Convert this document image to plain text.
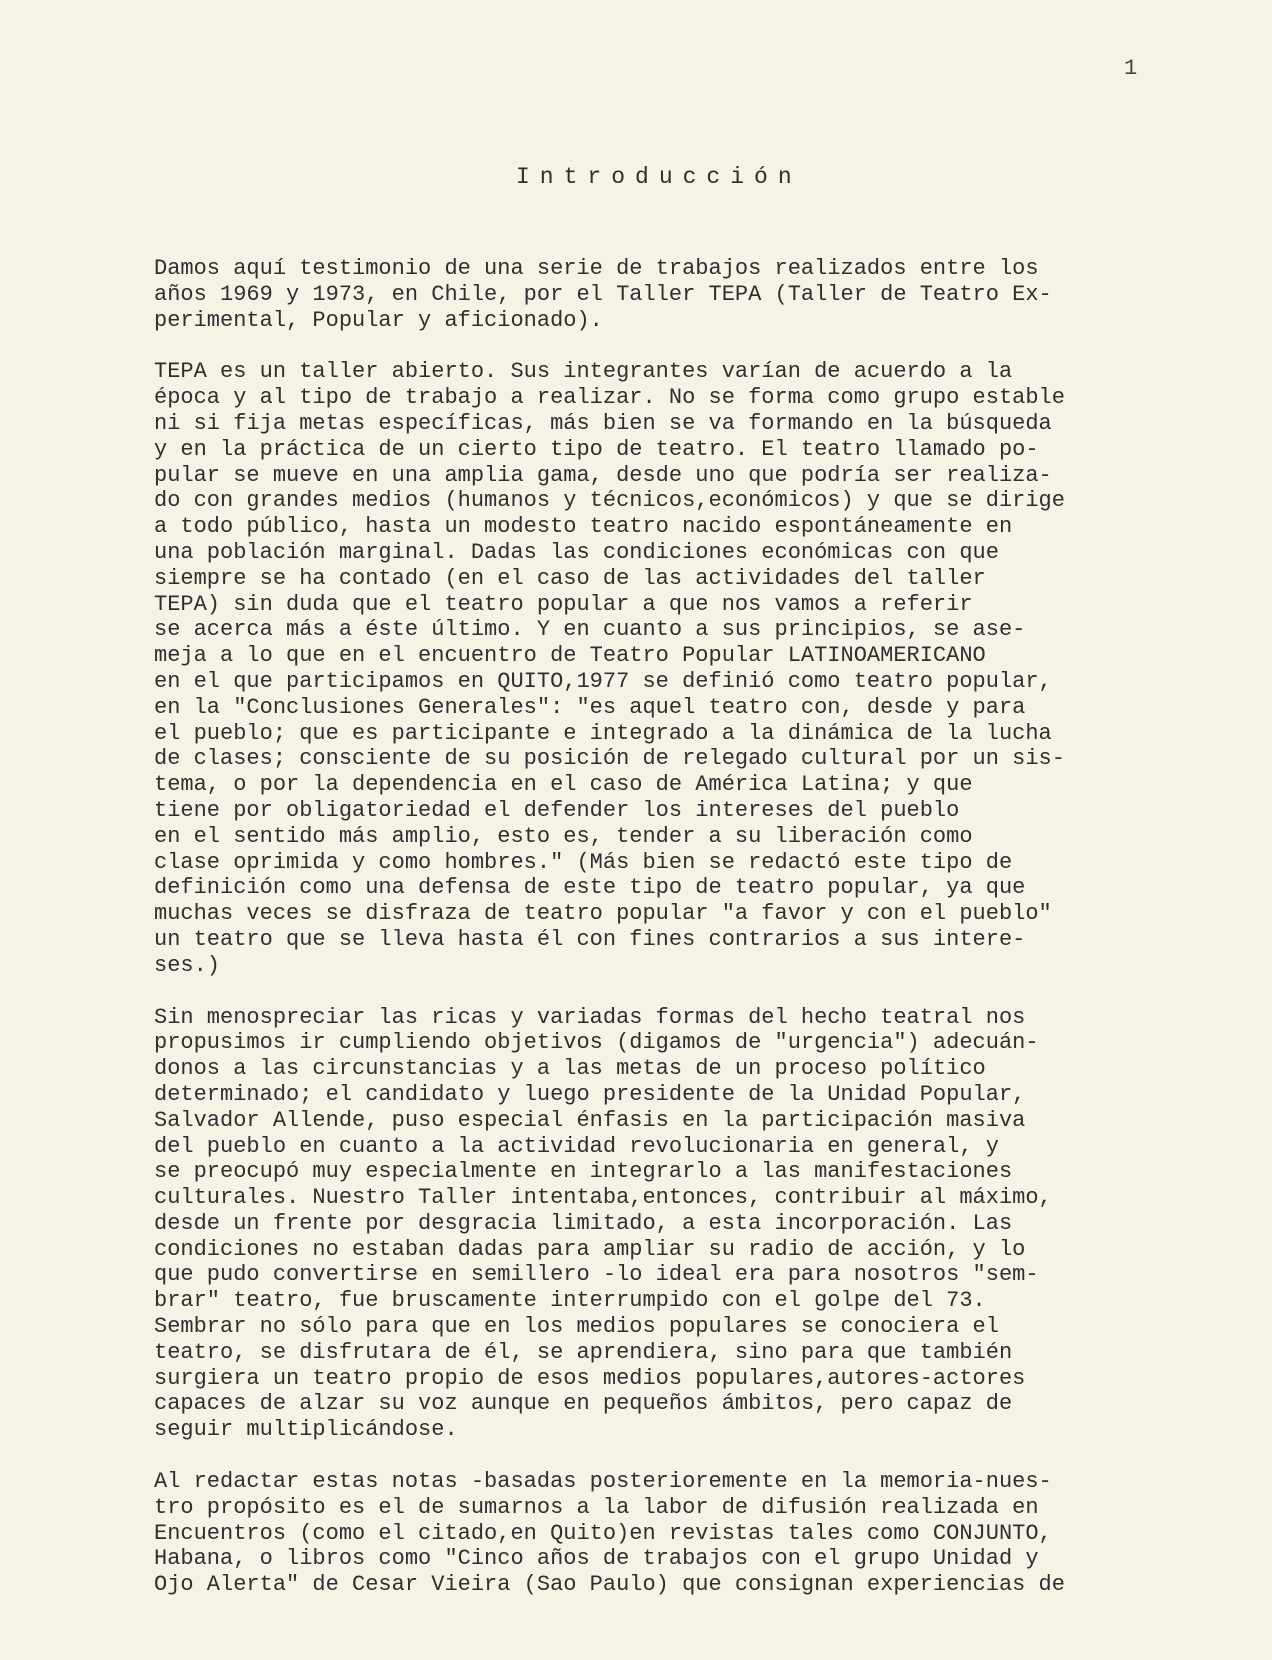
1
Introducción
Damos aquí testimonio de una serie de trabajos realizados entre los
años 1969 y 1973, en Chile, por el Taller TEPA (Taller de Teatro Ex-
perimental, Popular y aficionado).
TEPA es un taller abierto. Sus integrantes varían de acuerdo a la
época y al tipo de trabajo a realizar. No se forma como grupo estable
ni si fija metas específicas, más bien se va formando en la búsqueda
y en la práctica de un cierto tipo de teatro. El teatro llamado po-
pular se mueve en una amplia gama, desde uno que podría ser realiza-
do con grandes medios (humanos y técnicos,económicos) y que se dirige
a todo público, hasta un modesto teatro nacido espontáneamente en
una población marginal. Dadas las condiciones económicas con que
siempre se ha contado (en el caso de las actividades del taller
TEPA) sin duda que el teatro popular a que nos vamos a referir
se acerca más a éste último. Y en cuanto a sus principios, se ase-
meja a lo que en el encuentro de Teatro Popular LATINOAMERICANO
en el que participamos en QUITO,1977 se definió como teatro popular,
en la "Conclusiones Generales": "es aquel teatro con, desde y para
el pueblo; que es participante e integrado a la dinámica de la lucha
de clases; consciente de su posición de relegado cultural por un sis-
tema, o por la dependencia en el caso de América Latina; y que
tiene por obligatoriedad el defender los intereses del pueblo
en el sentido más amplio, esto es, tender a su liberación como
clase oprimida y como hombres." (Más bien se redactó este tipo de
definición como una defensa de este tipo de teatro popular, ya que
muchas veces se disfraza de teatro popular "a favor y con el pueblo"
un teatro que se lleva hasta él con fines contrarios a sus intere-
ses.)
Sin menospreciar las ricas y variadas formas del hecho teatral nos
propusimos ir cumpliendo objetivos (digamos de "urgencia") adecuán-
donos a las circunstancias y a las metas de un proceso político
determinado; el candidato y luego presidente de la Unidad Popular,
Salvador Allende, puso especial énfasis en la participación masiva
del pueblo en cuanto a la actividad revolucionaria en general, y
se preocupó muy especialmente en integrarlo a las manifestaciones
culturales. Nuestro Taller intentaba,entonces, contribuir al máximo,
desde un frente por desgracia limitado, a esta incorporación. Las
condiciones no estaban dadas para ampliar su radio de acción, y lo
que pudo convertirse en semillero -lo ideal era para nosotros "sem-
brar" teatro, fue bruscamente interrumpido con el golpe del 73.
Sembrar no sólo para que en los medios populares se conociera el
teatro, se disfrutara de él, se aprendiera, sino para que también
surgiera un teatro propio de esos medios populares,autores-actores
capaces de alzar su voz aunque en pequeños ámbitos, pero capaz de
seguir multiplicándose.
Al redactar estas notas -basadas posterioremente en la memoria-nues-
tro propósito es el de sumarnos a la labor de difusión realizada en
Encuentros (como el citado,en Quito)en revistas tales como CONJUNTO,
Habana, o libros como "Cinco años de trabajos con el grupo Unidad y
Ojo Alerta" de Cesar Vieira (Sao Paulo) que consignan experiencias de
